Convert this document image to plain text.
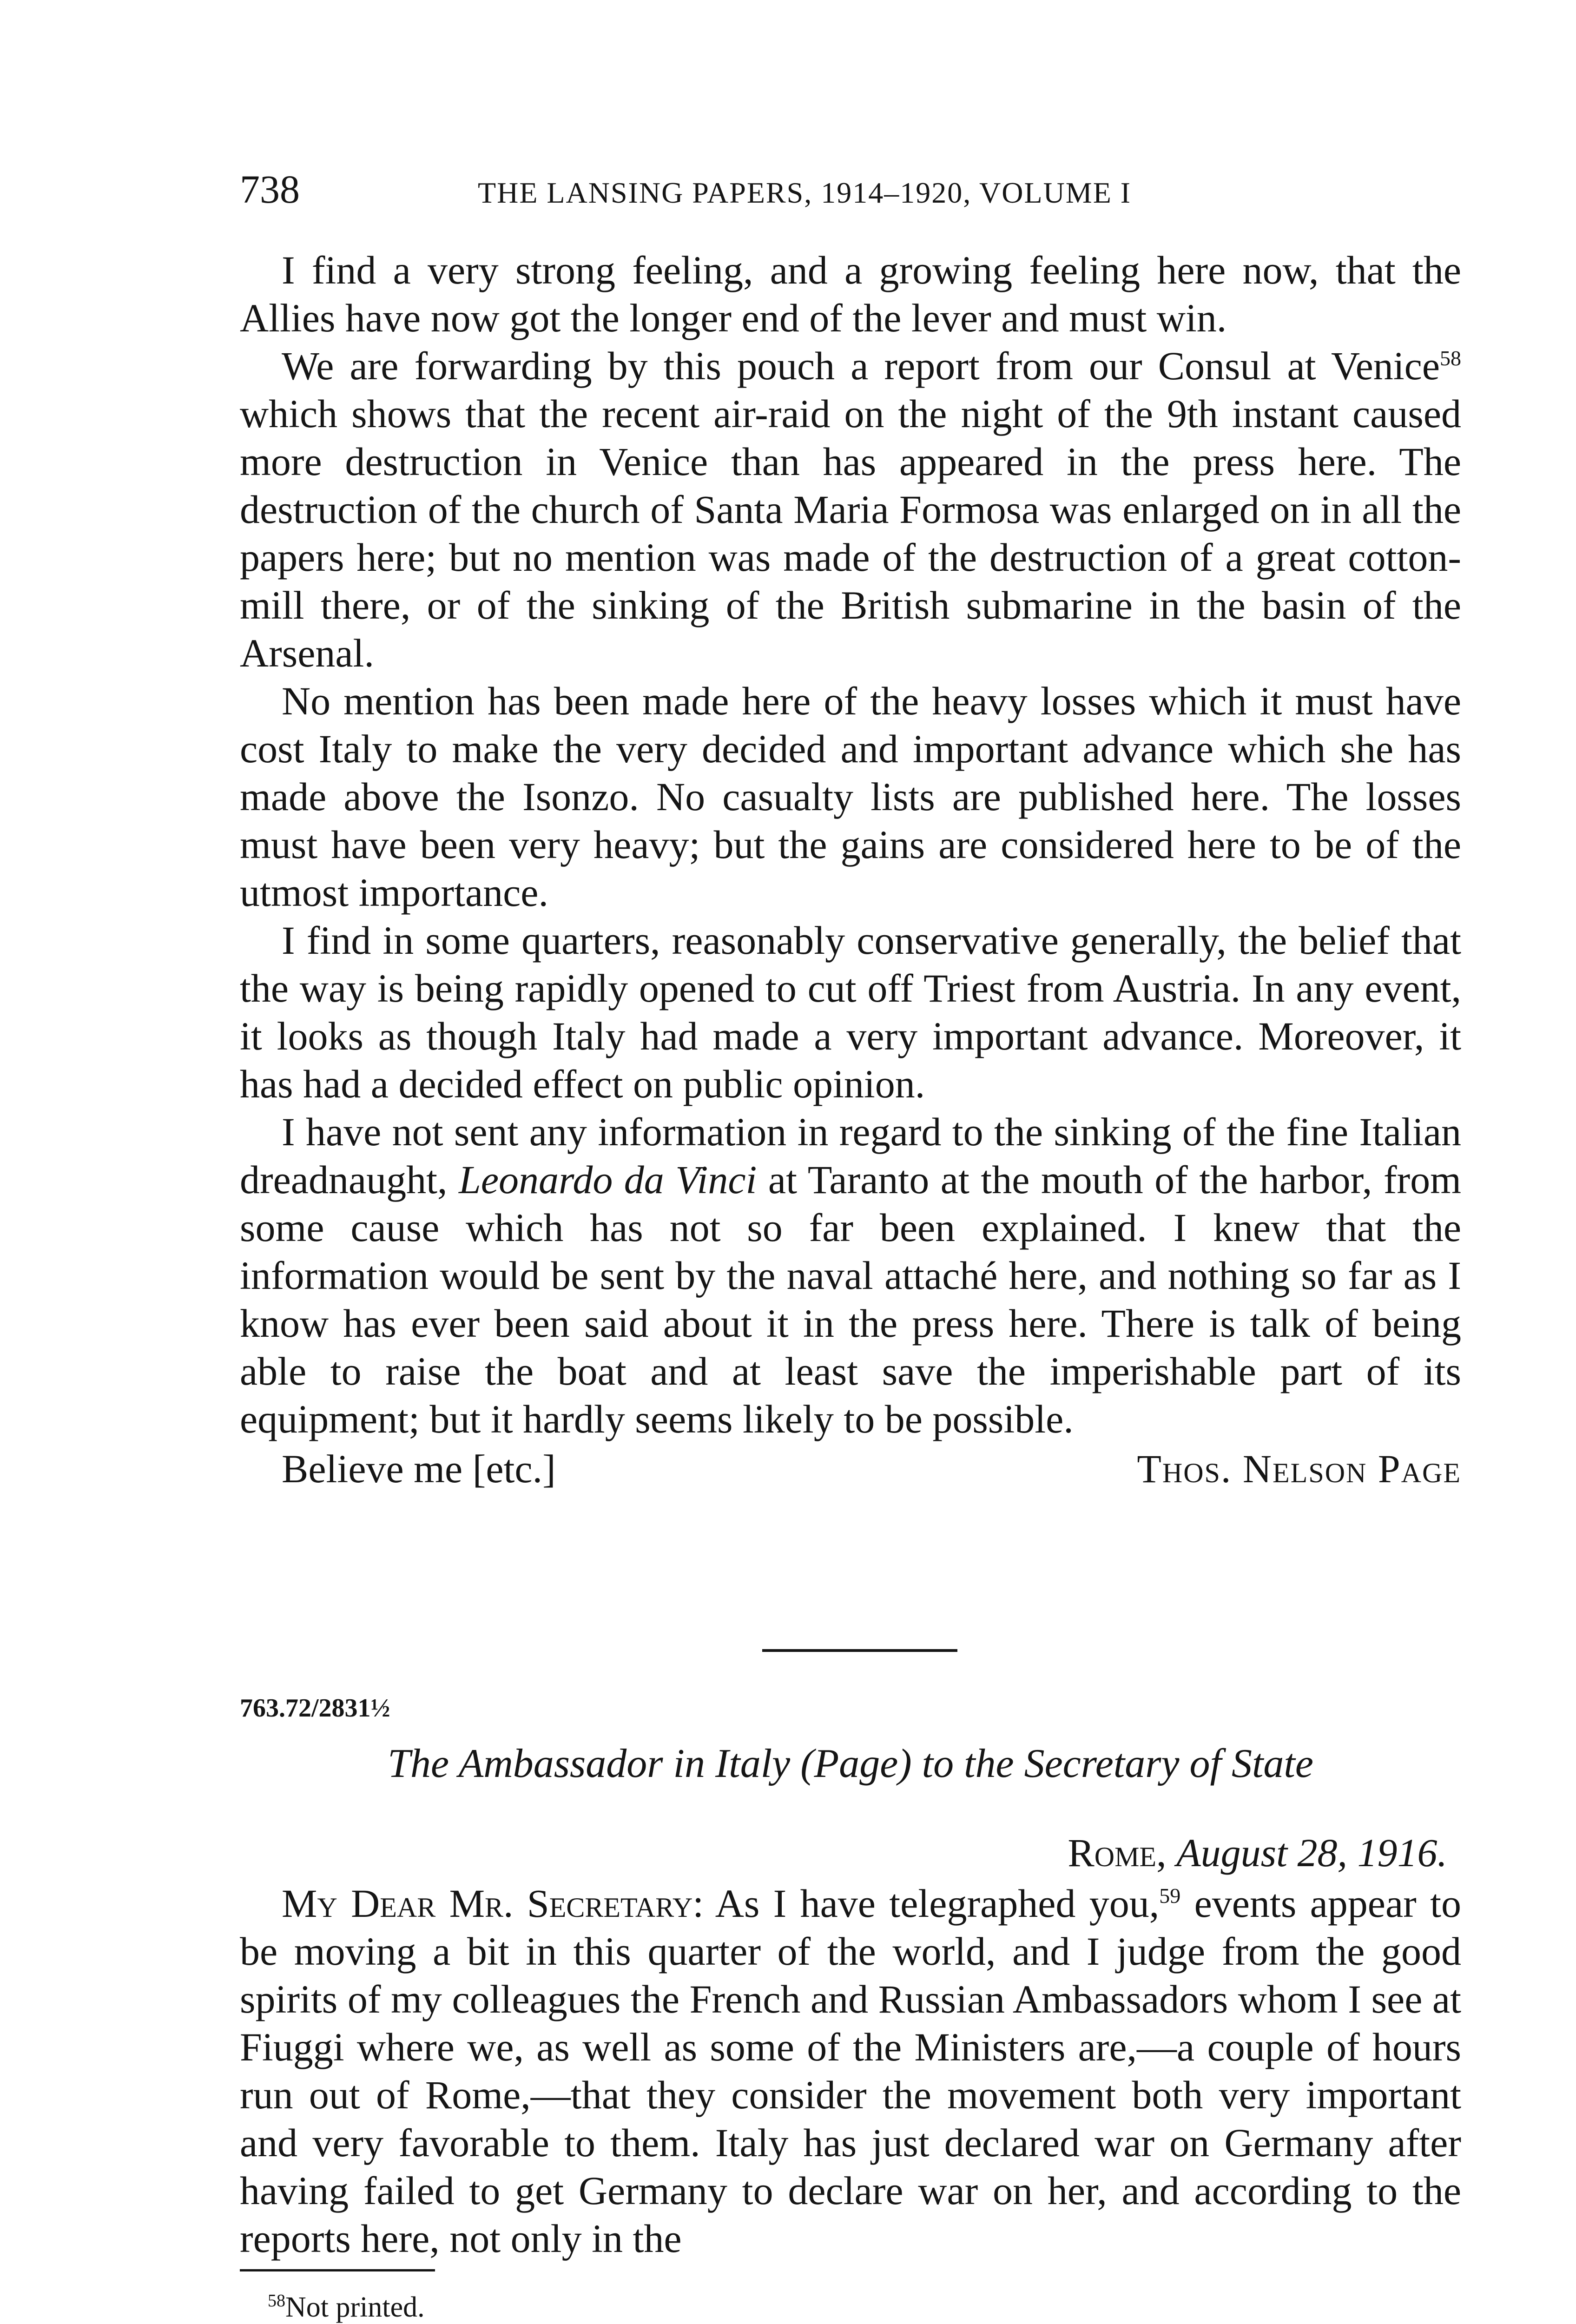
738	THE LANSING PAPERS, 1914–1920, VOLUME I

I find a very strong feeling, and a growing feeling here now, that the Allies have now got the longer end of the lever and must win.

We are forwarding by this pouch a report from our Consul at Venice$^{58}$ which shows that the recent air-raid on the night of the 9th instant caused more destruction in Venice than has appeared in the press here. The destruction of the church of Santa Maria Formosa was enlarged on in all the papers here; but no mention was made of the destruction of a great cotton-mill there, or of the sinking of the British submarine in the basin of the Arsenal.

No mention has been made here of the heavy losses which it must have cost Italy to make the very decided and important advance which she has made above the Isonzo. No casualty lists are published here. The losses must have been very heavy; but the gains are considered here to be of the utmost importance.

I find in some quarters, reasonably conservative generally, the belief that the way is being rapidly opened to cut off Triest from Austria. In any event, it looks as though Italy had made a very important advance. Moreover, it has had a decided effect on public opinion.

I have not sent any information in regard to the sinking of the fine Italian dreadnaught, Leonardo da Vinci at Taranto at the mouth of the harbor, from some cause which has not so far been explained. I knew that the information would be sent by the naval attaché here, and nothing so far as I know has ever been said about it in the press here. There is talk of being able to raise the boat and at least save the imperishable part of its equipment; but it hardly seems likely to be possible.

Believe me [etc.]	Thos. Nelson Page
763.72/2831½
The Ambassador in Italy (Page) to the Secretary of State

Rome, August 28, 1916.

My Dear Mr. Secretary: As I have telegraphed you,$^{59}$ events appear to be moving a bit in this quarter of the world, and I judge from the good spirits of my colleagues the French and Russian Ambassadors whom I see at Fiuggi where we, as well as some of the Ministers are,—a couple of hours run out of Rome,—that they consider the movement both very important and very favorable to them. Italy has just declared war on Germany after having failed to get Germany to declare war on her, and according to the reports here, not only in the

$^{58}$Not printed.
